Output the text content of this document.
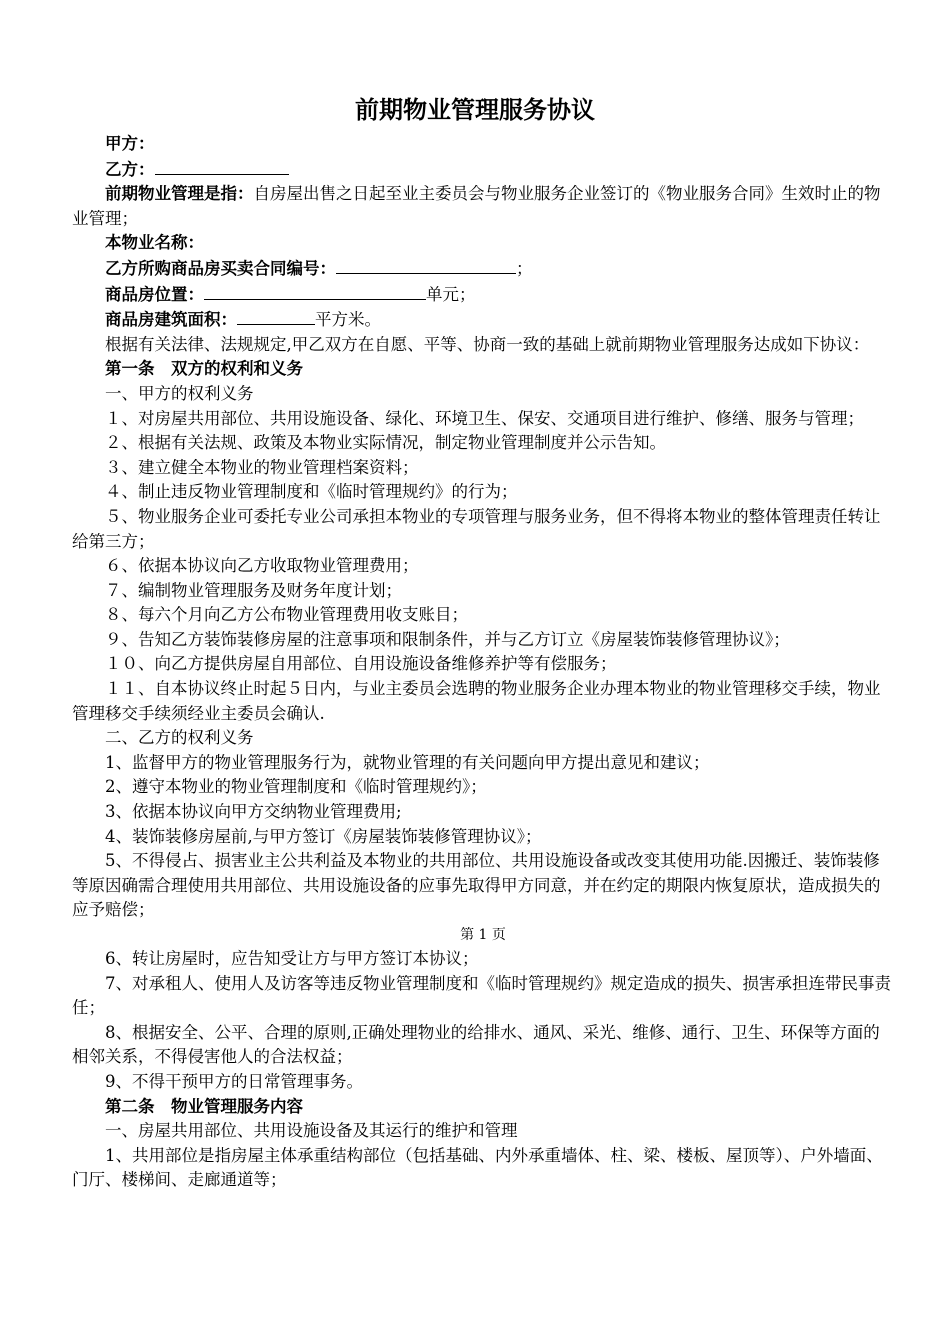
前期物业管理服务协议

甲方：

乙方：

前期物业管理是指：自房屋出售之日起至业主委员会与物业服务企业签订的《物业服务合同》生效时止的物业管理；

本物业名称：

乙方所购商品房买卖合同编号：	；

商品房位置：	单元；

商品房建筑面积：	平方米。

根据有关法律、法规规定,甲乙双方在自愿、平等、协商一致的基础上就前期物业管理服务达成如下协议：

第一条　双方的权利和义务

一、甲方的权利义务

１、对房屋共用部位、共用设施设备、绿化、环境卫生、保安、交通项目进行维护、修缮、服务与管理；

２、根据有关法规、政策及本物业实际情况，制定物业管理制度并公示告知。

３、建立健全本物业的物业管理档案资料；

４、制止违反物业管理制度和《临时管理规约》的行为；

５、物业服务企业可委托专业公司承担本物业的专项管理与服务业务，但不得将本物业的整体管理责任转让给第三方；

６、依据本协议向乙方收取物业管理费用；

７、编制物业管理服务及财务年度计划；

８、每六个月向乙方公布物业管理费用收支账目；

９、告知乙方装饰装修房屋的注意事项和限制条件，并与乙方订立《房屋装饰装修管理协议》；

１０、向乙方提供房屋自用部位、自用设施设备维修养护等有偿服务；

１１、自本协议终止时起５日内，与业主委员会选聘的物业服务企业办理本物业的物业管理移交手续，物业管理移交手续须经业主委员会确认.

二、乙方的权利义务

1、监督甲方的物业管理服务行为，就物业管理的有关问题向甲方提出意见和建议；

2、遵守本物业的物业管理制度和《临时管理规约》；

3、依据本协议向甲方交纳物业管理费用;

4、装饰装修房屋前,与甲方签订《房屋装饰装修管理协议》；

5、不得侵占、损害业主公共利益及本物业的共用部位、共用设施设备或改变其使用功能.因搬迁、装饰装修等原因确需合理使用共用部位、共用设施设备的应事先取得甲方同意，并在约定的期限内恢复原状，造成损失的应予赔偿；

第 1 页

6、转让房屋时，应告知受让方与甲方签订本协议；

7、对承租人、使用人及访客等违反物业管理制度和《临时管理规约》规定造成的损失、损害承担连带民事责任；

8、根据安全、公平、合理的原则,正确处理物业的给排水、通风、采光、维修、通行、卫生、环保等方面的相邻关系，不得侵害他人的合法权益；

9、不得干预甲方的日常管理事务。

第二条　物业管理服务内容

一、房屋共用部位、共用设施设备及其运行的维护和管理

1、共用部位是指房屋主体承重结构部位（包括基础、内外承重墙体、柱、梁、楼板、屋顶等）、户外墙面、门厅、楼梯间、走廊通道等；
